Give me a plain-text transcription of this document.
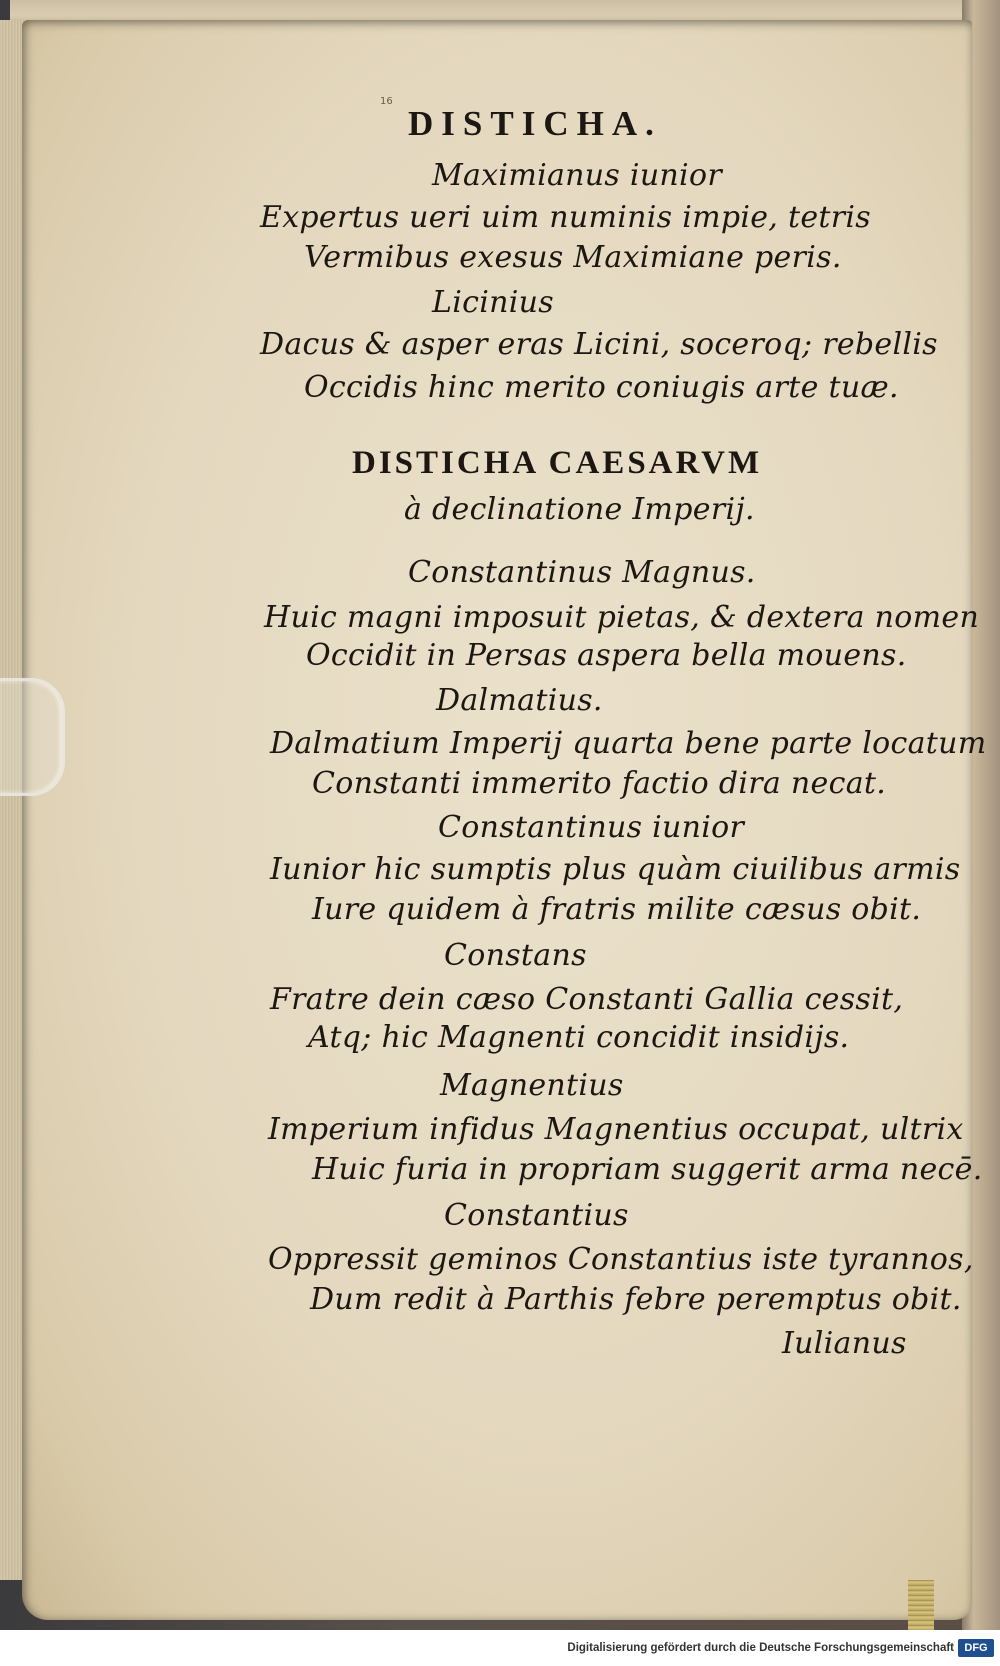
16
DISTICHA.
Maximianus iunior
Expertus ueri uim numinis impie, tetris
Vermibus exesus Maximiane peris.
Licinius
Dacus & asper eras Licini, soceroq; rebellis
Occidis hinc merito coniugis arte tuæ.
DISTICHA CAESARVM
à declinatione Imperij.
Constantinus Magnus.
Huic magni imposuit pietas, & dextera nomen
Occidit in Persas aspera bella mouens.
Dalmatius.
Dalmatium Imperij quarta bene parte locatum
Constanti immerito factio dira necat.
Constantinus iunior
Iunior hic sumptis plus quàm ciuilibus armis
Iure quidem à fratris milite cæsus obit.
Constans
Fratre dein cæso Constanti Gallia cessit,
Atq; hic Magnenti concidit insidijs.
Magnentius
Imperium infidus Magnentius occupat, ultrix
Huic furia in propriam suggerit arma necē.
Constantius
Oppressit geminos Constantius iste tyrannos,
Dum redit à Parthis febre peremptus obit.
Iulianus
Digitalisierung gefördert durch die Deutsche Forschungsgemeinschaft DFG
